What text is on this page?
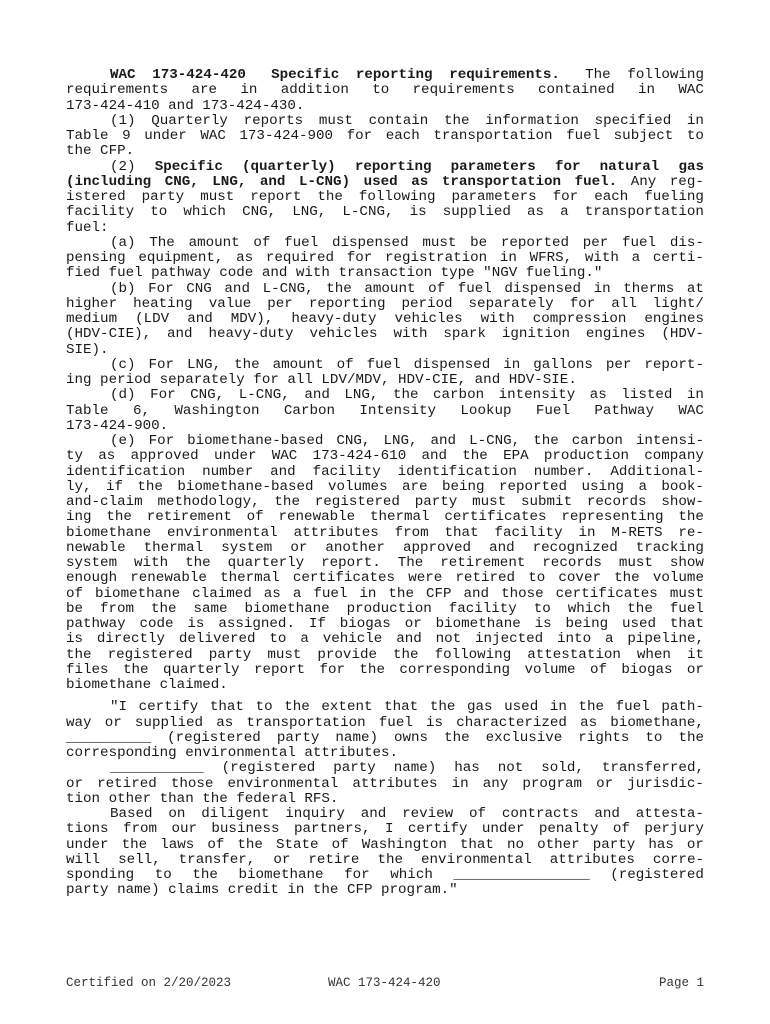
WAC 173-424-420 Specific reporting requirements. The following
requirements are in addition to requirements contained in WAC
173-424-410 and 173-424-430.
(1) Quarterly reports must contain the information specified in
Table 9 under WAC 173-424-900 for each transportation fuel subject to
the CFP.
(2) Specific (quarterly) reporting parameters for natural gas
(including CNG, LNG, and L-CNG) used as transportation fuel. Any reg-
istered party must report the following parameters for each fueling
facility to which CNG, LNG, L-CNG, is supplied as a transportation
fuel:
(a) The amount of fuel dispensed must be reported per fuel dis-
pensing equipment, as required for registration in WFRS, with a certi-
fied fuel pathway code and with transaction type "NGV fueling."
(b) For CNG and L-CNG, the amount of fuel dispensed in therms at
higher heating value per reporting period separately for all light/
medium (LDV and MDV), heavy-duty vehicles with compression engines
(HDV-CIE), and heavy-duty vehicles with spark ignition engines (HDV-
SIE).
(c) For LNG, the amount of fuel dispensed in gallons per report-
ing period separately for all LDV/MDV, HDV-CIE, and HDV-SIE.
(d) For CNG, L-CNG, and LNG, the carbon intensity as listed in
Table 6, Washington Carbon Intensity Lookup Fuel Pathway WAC
173-424-900.
(e) For biomethane-based CNG, LNG, and L-CNG, the carbon intensi-
ty as approved under WAC 173-424-610 and the EPA production company
identification number and facility identification number. Additional-
ly, if the biomethane-based volumes are being reported using a book-
and-claim methodology, the registered party must submit records show-
ing the retirement of renewable thermal certificates representing the
biomethane environmental attributes from that facility in M-RETS re-
newable thermal system or another approved and recognized tracking
system with the quarterly report. The retirement records must show
enough renewable thermal certificates were retired to cover the volume
of biomethane claimed as a fuel in the CFP and those certificates must
be from the same biomethane production facility to which the fuel
pathway code is assigned. If biogas or biomethane is being used that
is directly delivered to a vehicle and not injected into a pipeline,
the registered party must provide the following attestation when it
files the quarterly report for the corresponding volume of biogas or
biomethane claimed.
"I certify that to the extent that the gas used in the fuel path-
way or supplied as transportation fuel is characterized as biomethane,
__________ (registered party name) owns the exclusive rights to the
corresponding environmental attributes.
___________ (registered party name) has not sold, transferred,
or retired those environmental attributes in any program or jurisdic-
tion other than the federal RFS.
Based on diligent inquiry and review of contracts and attesta-
tions from our business partners, I certify under penalty of perjury
under the laws of the State of Washington that no other party has or
will sell, transfer, or retire the environmental attributes corre-
sponding to the biomethane for which ________________ (registered
party name) claims credit in the CFP program."
Certified on 2/20/2023	WAC 173-424-420	Page 1
